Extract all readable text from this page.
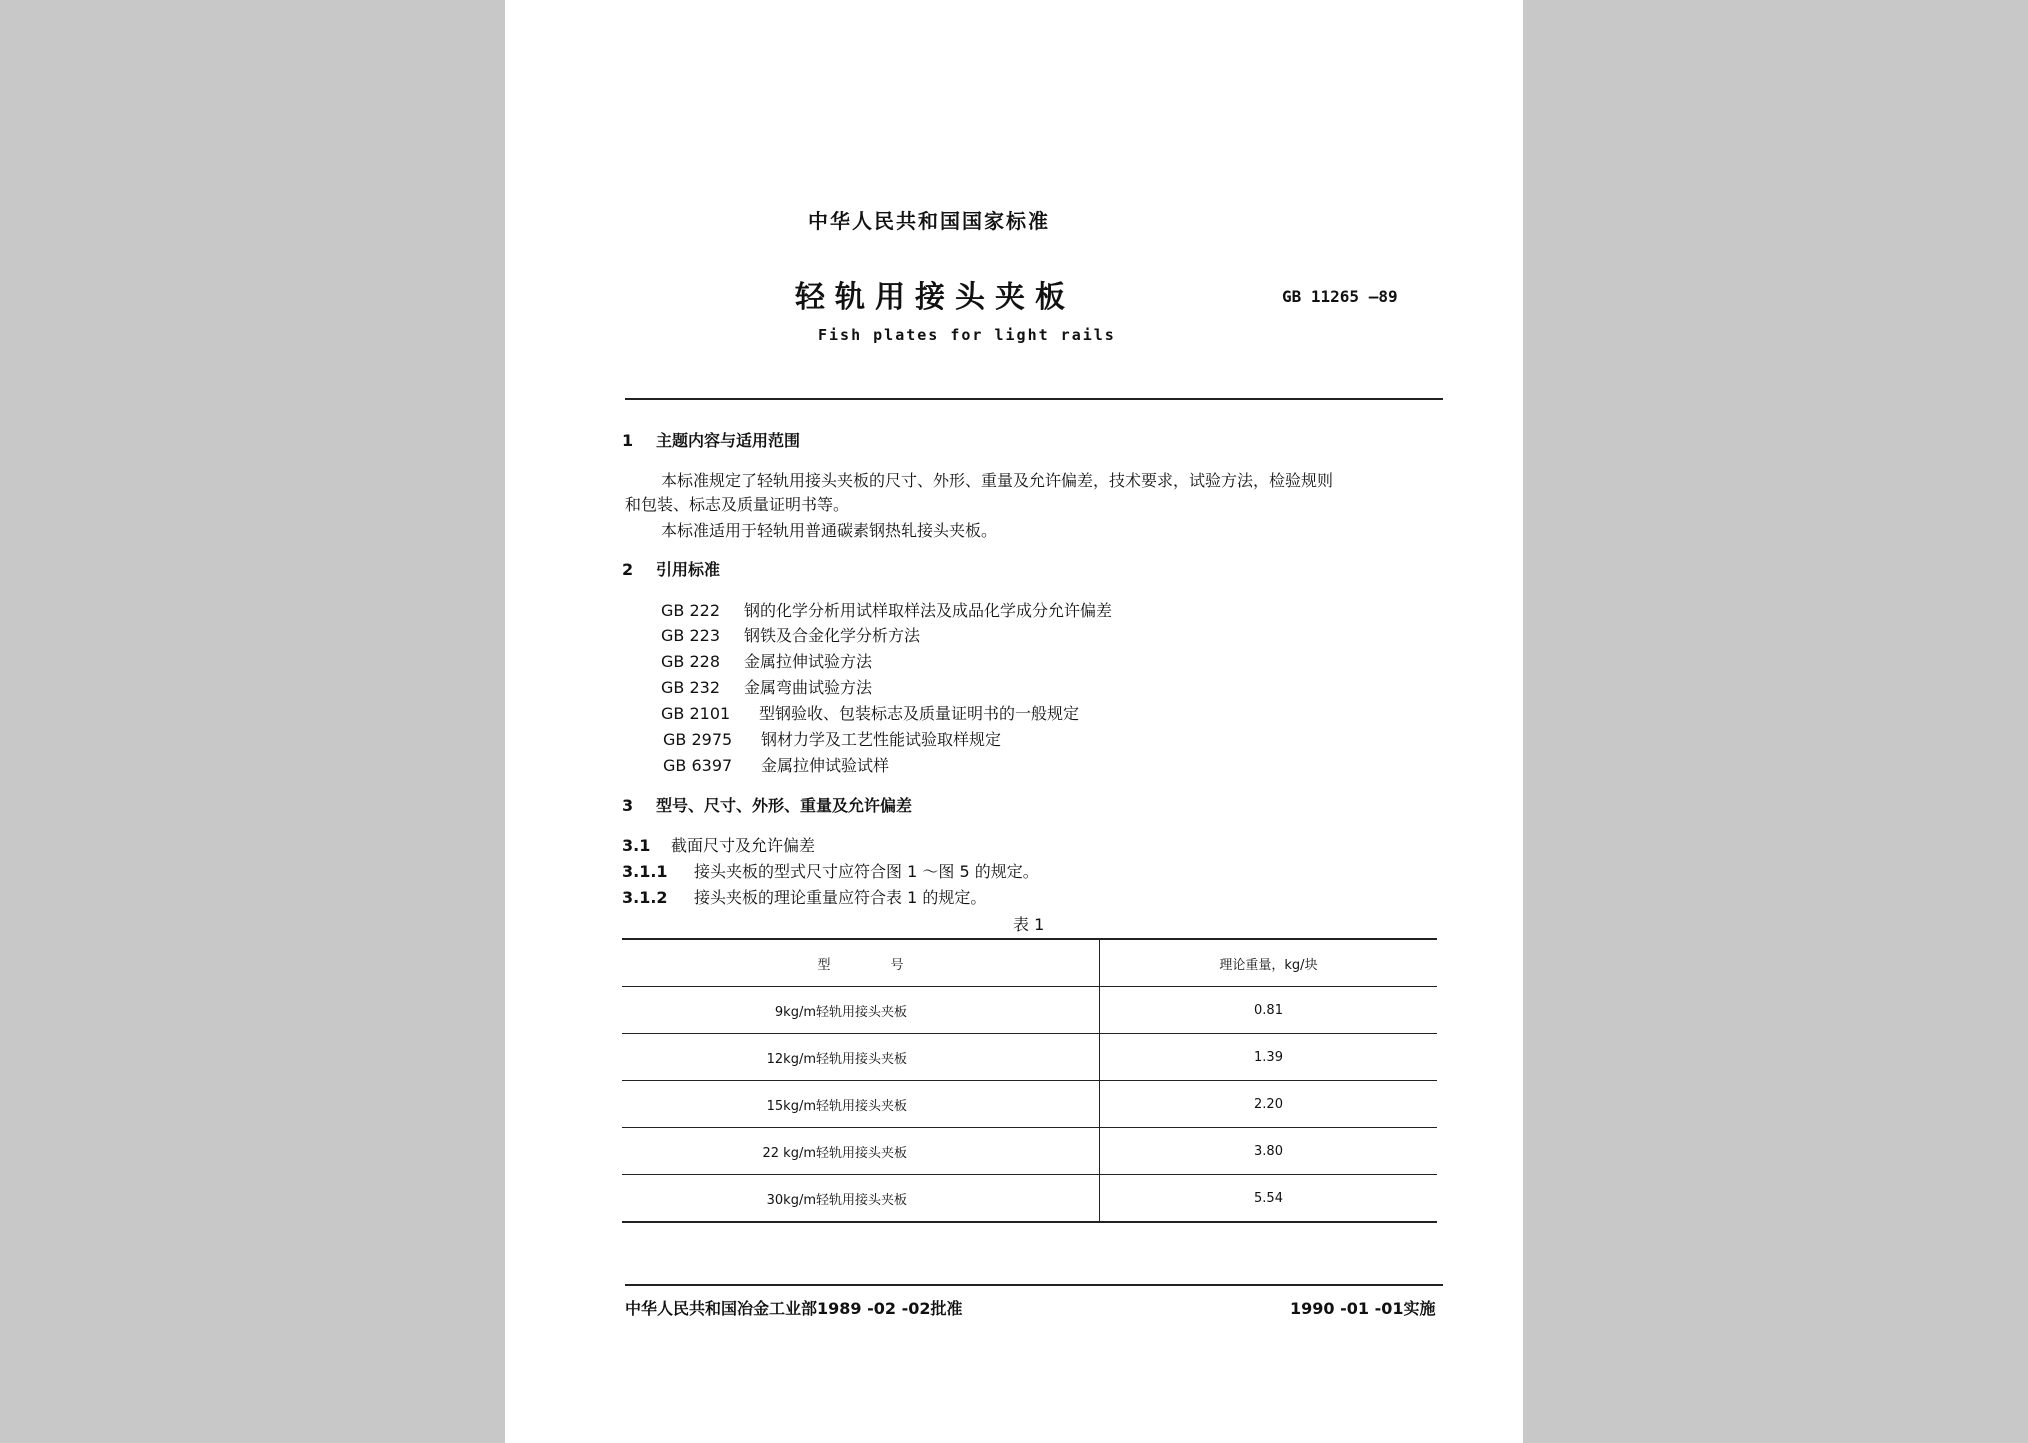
中华人民共和国国家标准
轻轨用接头夹板	GB 11265 —89
Fish plates for light rails
1 主题内容与适用范围
本标准规定了轻轨用接头夹板的尺寸、外形、重量及允许偏差，技术要求，试验方法，检验规则
和包装、标志及质量证明书等。
本标准适用于轻轨用普通碳素钢热轧接头夹板。
2 引用标准
GB 222 钢的化学分析用试样取样法及成品化学成分允许偏差
GB 223 钢铁及合金化学分析方法
GB 228 金属拉伸试验方法
GB 232 金属弯曲试验方法
GB 2101 型钢验收、包装标志及质量证明书的一般规定
GB 2975 钢材力学及工艺性能试验取样规定
GB 6397 金属拉伸试验试样
3 型号、尺寸、外形、重量及允许偏差
3.1 截面尺寸及允许偏差
3.1.1 接头夹板的型式尺寸应符合图 1 ～图 5 的规定。
3.1.2 接头夹板的理论重量应符合表 1 的规定。
表 1
型号	理论重量，kg/块
9kg/m轻轨用接头夹板	0.81
12kg/m轻轨用接头夹板	1.39
15kg/m轻轨用接头夹板	2.20
22 kg/m轻轨用接头夹板	3.80
30kg/m轻轨用接头夹板	5.54
中华人民共和国冶金工业部1989 -02 -02批准	1990 -01 -01实施
